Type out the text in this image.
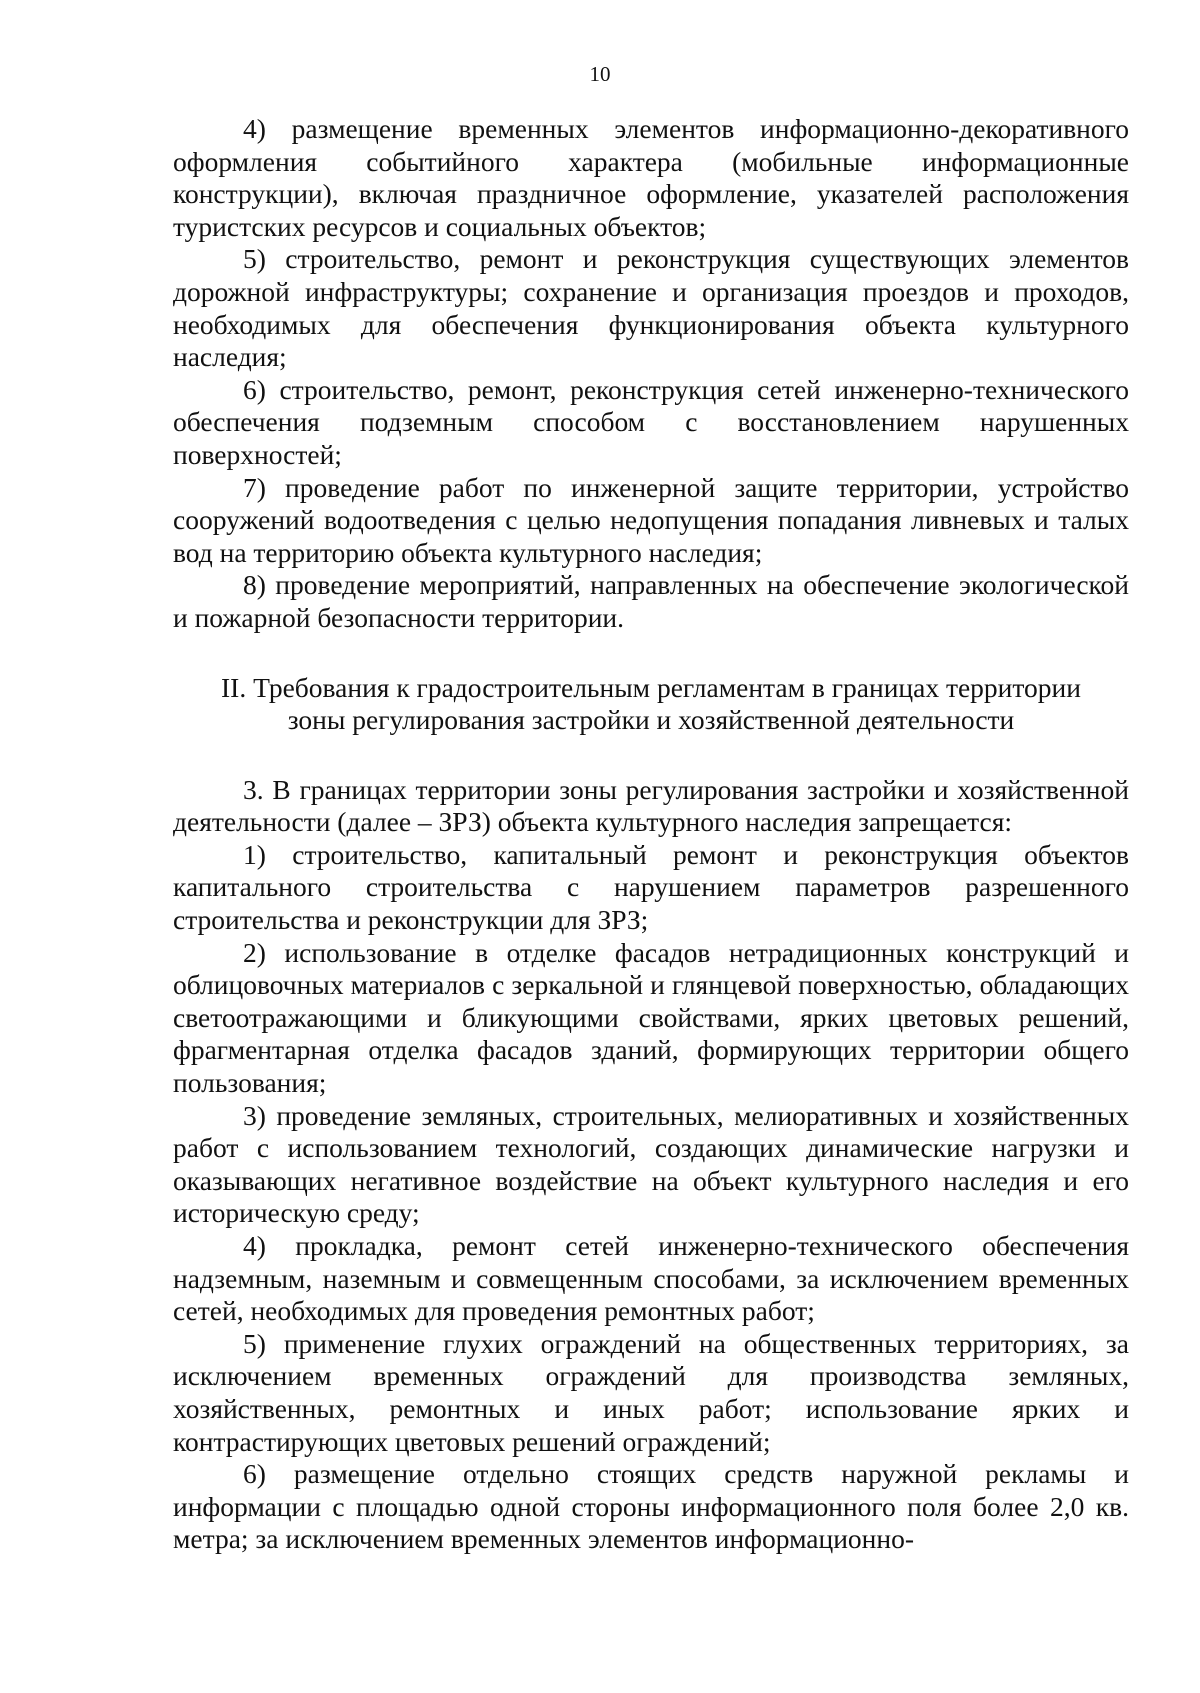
10

4) размещение временных элементов информационно-декоративного оформления событийного характера (мобильные информационные конструкции), включая праздничное оформление, указателей расположения туристских ресурсов и социальных объектов;

5) строительство, ремонт и реконструкция существующих элементов дорожной инфраструктуры; сохранение и организация проездов и проходов, необходимых для обеспечения функционирования объекта культурного наследия;

6) строительство, ремонт, реконструкция сетей инженерно-технического обеспечения подземным способом с восстановлением нарушенных поверхностей;

7) проведение работ по инженерной защите территории, устройство сооружений водоотведения с целью недопущения попадания ливневых и талых вод на территорию объекта культурного наследия;

8) проведение мероприятий, направленных на обеспечение экологической и пожарной безопасности территории.

II. Требования к градостроительным регламентам в границах территории
зоны регулирования застройки и хозяйственной деятельности

3. В границах территории зоны регулирования застройки и хозяйственной деятельности (далее – ЗРЗ) объекта культурного наследия запрещается:

1) строительство, капитальный ремонт и реконструкция объектов капитального строительства с нарушением параметров разрешенного строительства и реконструкции для ЗРЗ;

2) использование в отделке фасадов нетрадиционных конструкций и облицовочных материалов с зеркальной и глянцевой поверхностью, обладающих светоотражающими и бликующими свойствами, ярких цветовых решений, фрагментарная отделка фасадов зданий, формирующих территории общего пользования;

3) проведение земляных, строительных, мелиоративных и хозяйственных работ с использованием технологий, создающих динамические нагрузки и оказывающих негативное воздействие на объект культурного наследия и его историческую среду;

4) прокладка, ремонт сетей инженерно-технического обеспечения надземным, наземным и совмещенным способами, за исключением временных сетей, необходимых для проведения ремонтных работ;

5) применение глухих ограждений на общественных территориях, за исключением временных ограждений для производства земляных, хозяйственных, ремонтных и иных работ; использование ярких и контрастирующих цветовых решений ограждений;

6) размещение отдельно стоящих средств наружной рекламы и информации с площадью одной стороны информационного поля более 2,0 кв. метра; за исключением временных элементов информационно-
